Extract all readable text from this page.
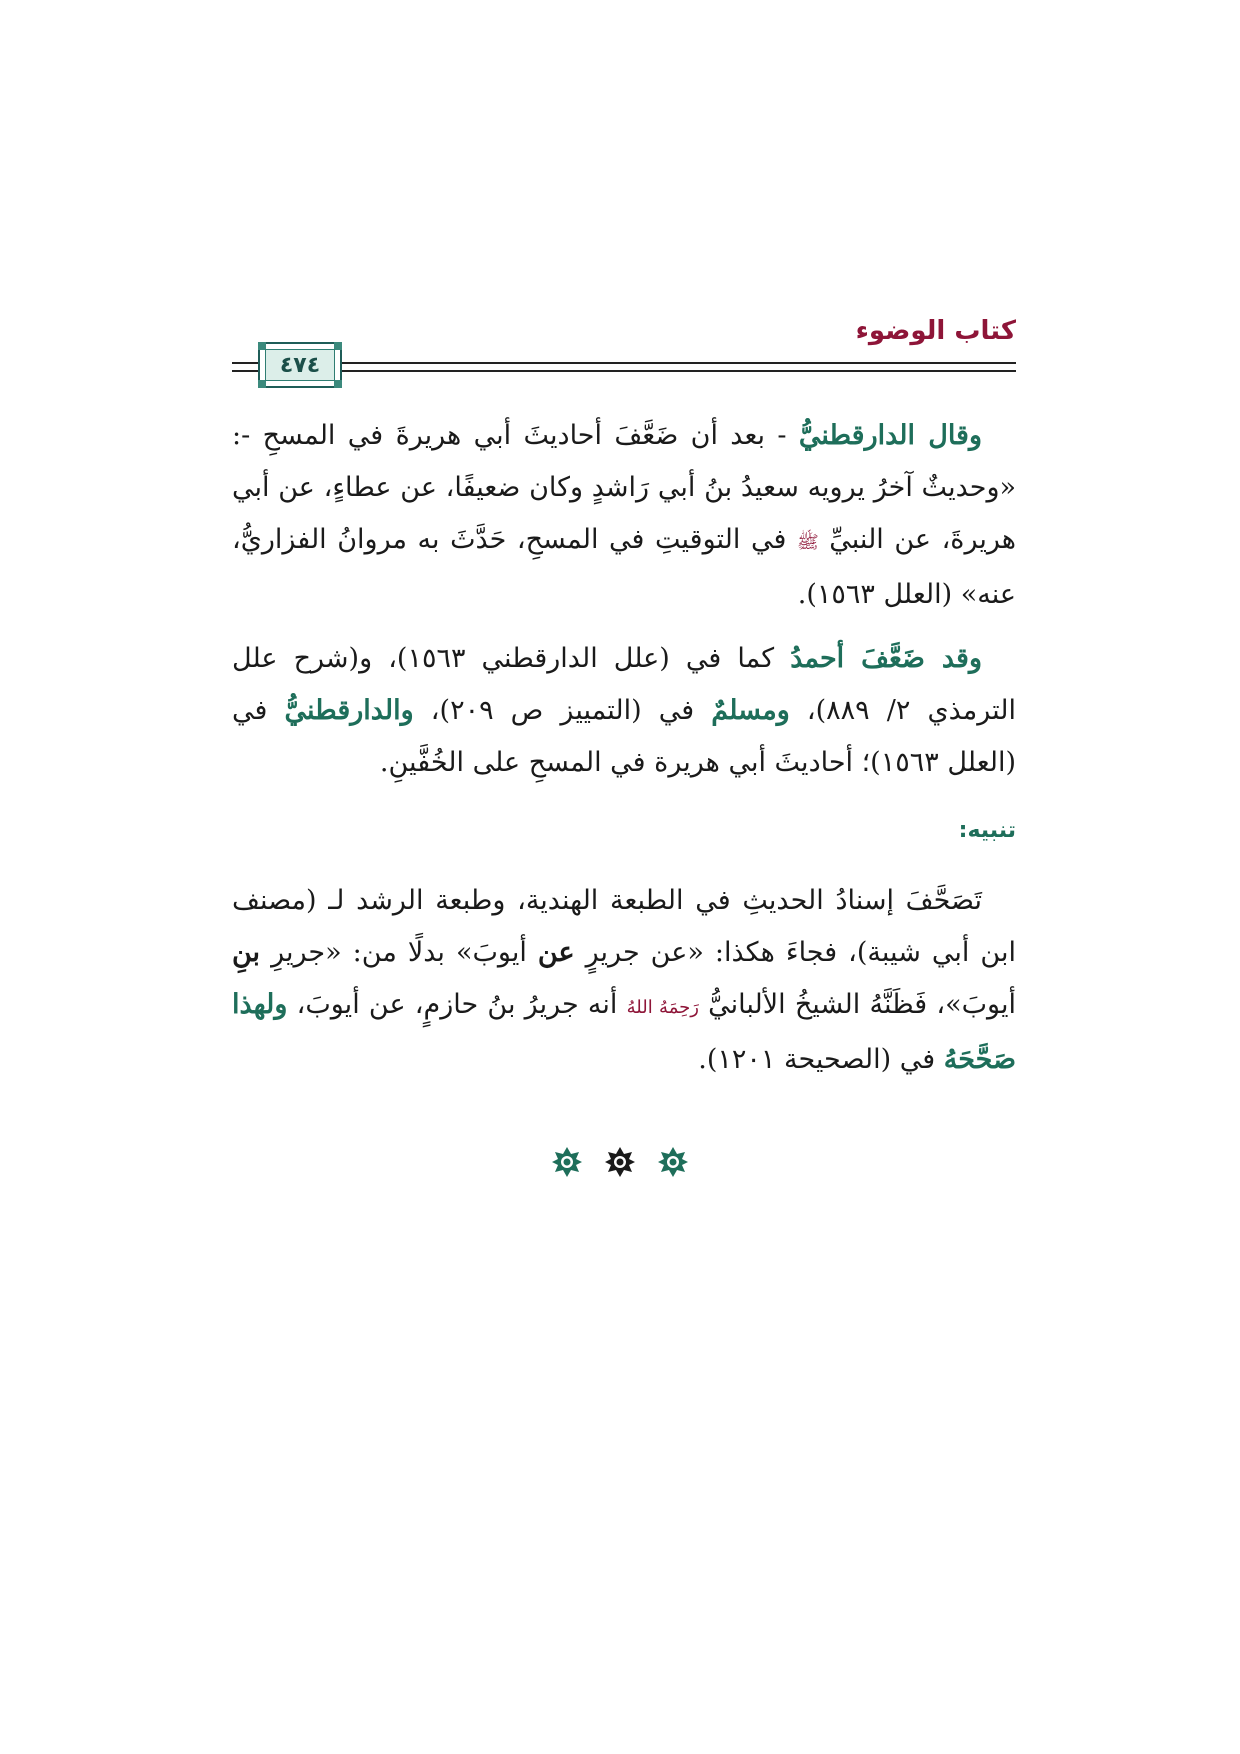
كتاب الوضوء
٤٧٤

وقال الدارقطنيُّ - بعد أن ضَعَّفَ أحاديثَ أبي هريرةَ في المسحِ -: «وحديثٌ آخرُ يرويه سعيدُ بنُ أبي رَاشدٍ وكان ضعيفًا، عن عطاءٍ، عن أبي هريرةَ، عن النبيِّ ﷺ في التوقيتِ في المسحِ، حَدَّثَ به مروانُ الفزاريُّ، عنه» (العلل ١٥٦٣).

وقد ضَعَّفَ أحمدُ كما في (علل الدارقطني ١٥٦٣)، و(شرح علل الترمذي ٢/ ٨٨٩)، ومسلمٌ في (التمييز ص ٢٠٩)، والدارقطنيُّ في (العلل ١٥٦٣)؛ أحاديثَ أبي هريرة في المسحِ على الخُفَّينِ.

تنبيه:

تَصَحَّفَ إسنادُ الحديثِ في الطبعة الهندية، وطبعة الرشد لـ (مصنف ابن أبي شيبة)، فجاءَ هكذا: «عن جريرٍ عن أيوبَ» بدلًا من: «جريرِ بنِ أيوبَ»، فَظَنَّهُ الشيخُ الألبانيُّ رَحِمَهُ اللهُ أنه جريرُ بنُ حازمٍ، عن أيوبَ، ولهذا صَحَّحَهُ في (الصحيحة ١٢٠١).
